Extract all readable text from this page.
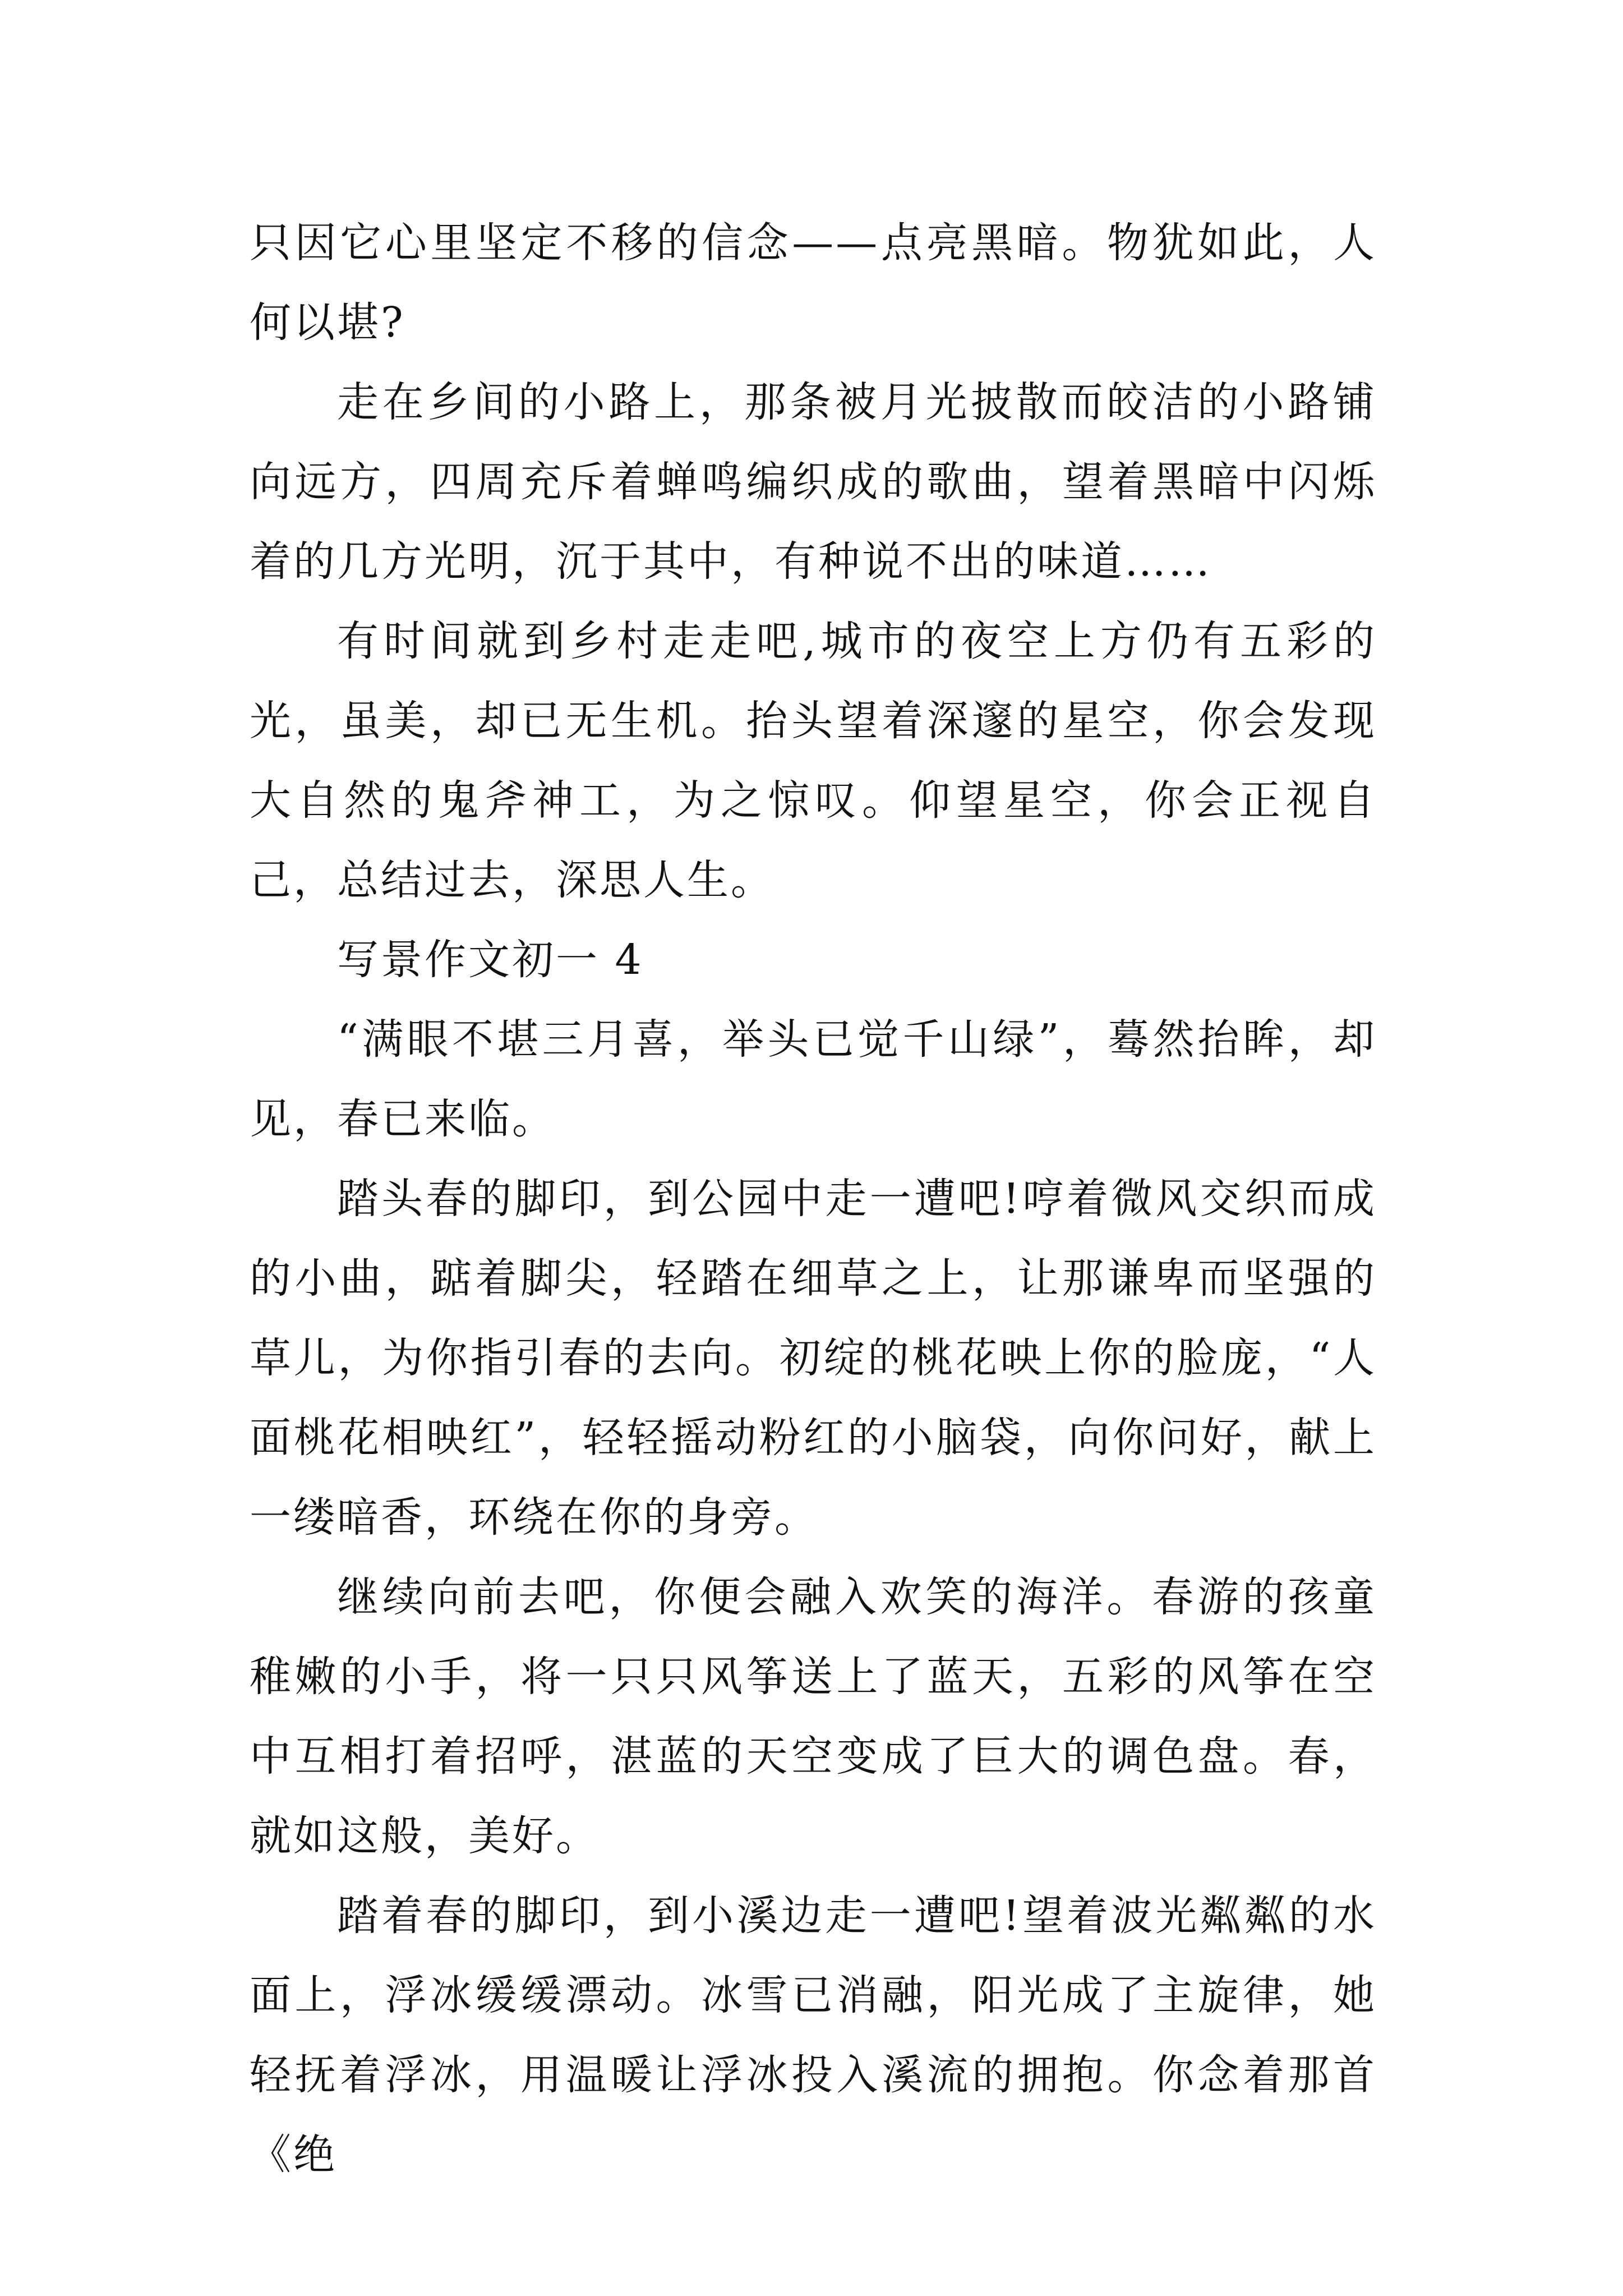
只因它心里坚定不移的信念——点亮黑暗。物犹如此，人何以堪?

走在乡间的小路上，那条被月光披散而皎洁的小路铺向远方，四周充斥着蝉鸣编织成的歌曲，望着黑暗中闪烁着的几方光明，沉于其中，有种说不出的味道……

有时间就到乡村走走吧,城市的夜空上方仍有五彩的光，虽美，却已无生机。抬头望着深邃的星空，你会发现大自然的鬼斧神工，为之惊叹。仰望星空，你会正视自己，总结过去，深思人生。

写景作文初一 4

“满眼不堪三月喜，举头已觉千山绿”，蓦然抬眸，却见，春已来临。

踏头春的脚印，到公园中走一遭吧!哼着微风交织而成的小曲，踮着脚尖，轻踏在细草之上，让那谦卑而坚强的草儿，为你指引春的去向。初绽的桃花映上你的脸庞，“人面桃花相映红”，轻轻摇动粉红的小脑袋，向你问好，献上一缕暗香，环绕在你的身旁。

继续向前去吧，你便会融入欢笑的海洋。春游的孩童稚嫩的小手，将一只只风筝送上了蓝天，五彩的风筝在空中互相打着招呼，湛蓝的天空变成了巨大的调色盘。春，就如这般，美好。

踏着春的脚印，到小溪边走一遭吧!望着波光粼粼的水面上，浮冰缓缓漂动。冰雪已消融，阳光成了主旋律，她轻抚着浮冰，用温暖让浮冰投入溪流的拥抱。你念着那首《绝
